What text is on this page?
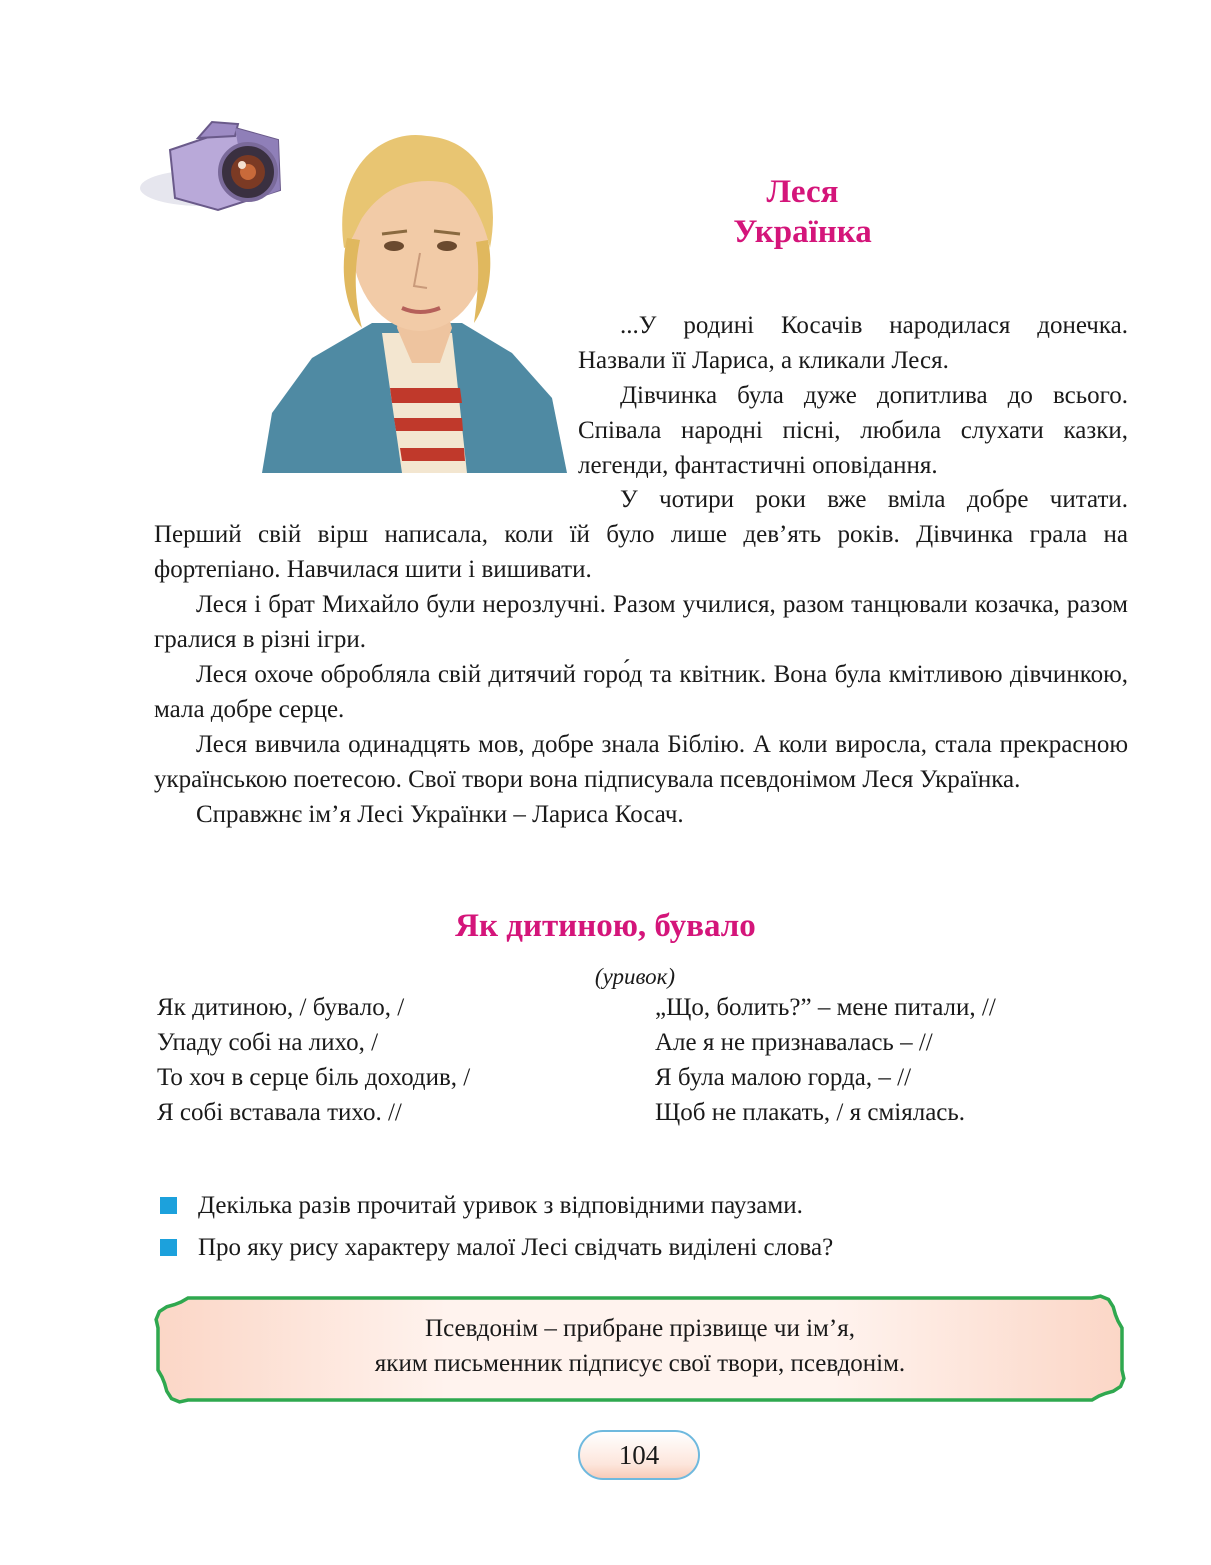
Леся
Українка

...У родині Косачів народилася донечка. Назвали її Лариса, а кликали Леся.

Дівчинка була дуже допитлива до всього. Співала народні пісні, любила слухати казки, легенди, фантастичні оповідання.

У чотири роки вже вміла добре читати.

Перший свій вірш написала, коли їй було лише дев’ять років. Дівчинка грала на фортепіано. Навчилася шити і вишивати.

Леся і брат Михайло були нерозлучні. Разом училися, разом танцювали козачка, разом гралися в різні ігри.

Леся охоче обробляла свій дитячий горо́д та квітник. Вона була кмітливою дівчинкою, мала добре серце.

Леся вивчила одинадцять мов, добре знала Біблію. А коли виросла, стала прекрасною українською поетесою. Свої твори вона підписувала псевдонімом Леся Українка.

Справжнє ім’я Лесі Українки – Лариса Косач.

Як дитиною, бувало
(уривок)
Як дитиною, / бувало, /
Упаду собі на лихо, /
То хоч в серце біль доходив, /
Я собі вставала тихо. //
„Що, болить?” – мене питали, //
Але я не признавалась – //
Я була малою горда, – //
Щоб не плакать, / я сміялась.
Декілька разів прочитай уривок з відповідними паузами.
Про яку рису характеру малої Лесі свідчать виділені слова?
Псевдонім – прибране прізвище чи ім’я,
яким письменник підписує свої твори, псевдонім.
104
